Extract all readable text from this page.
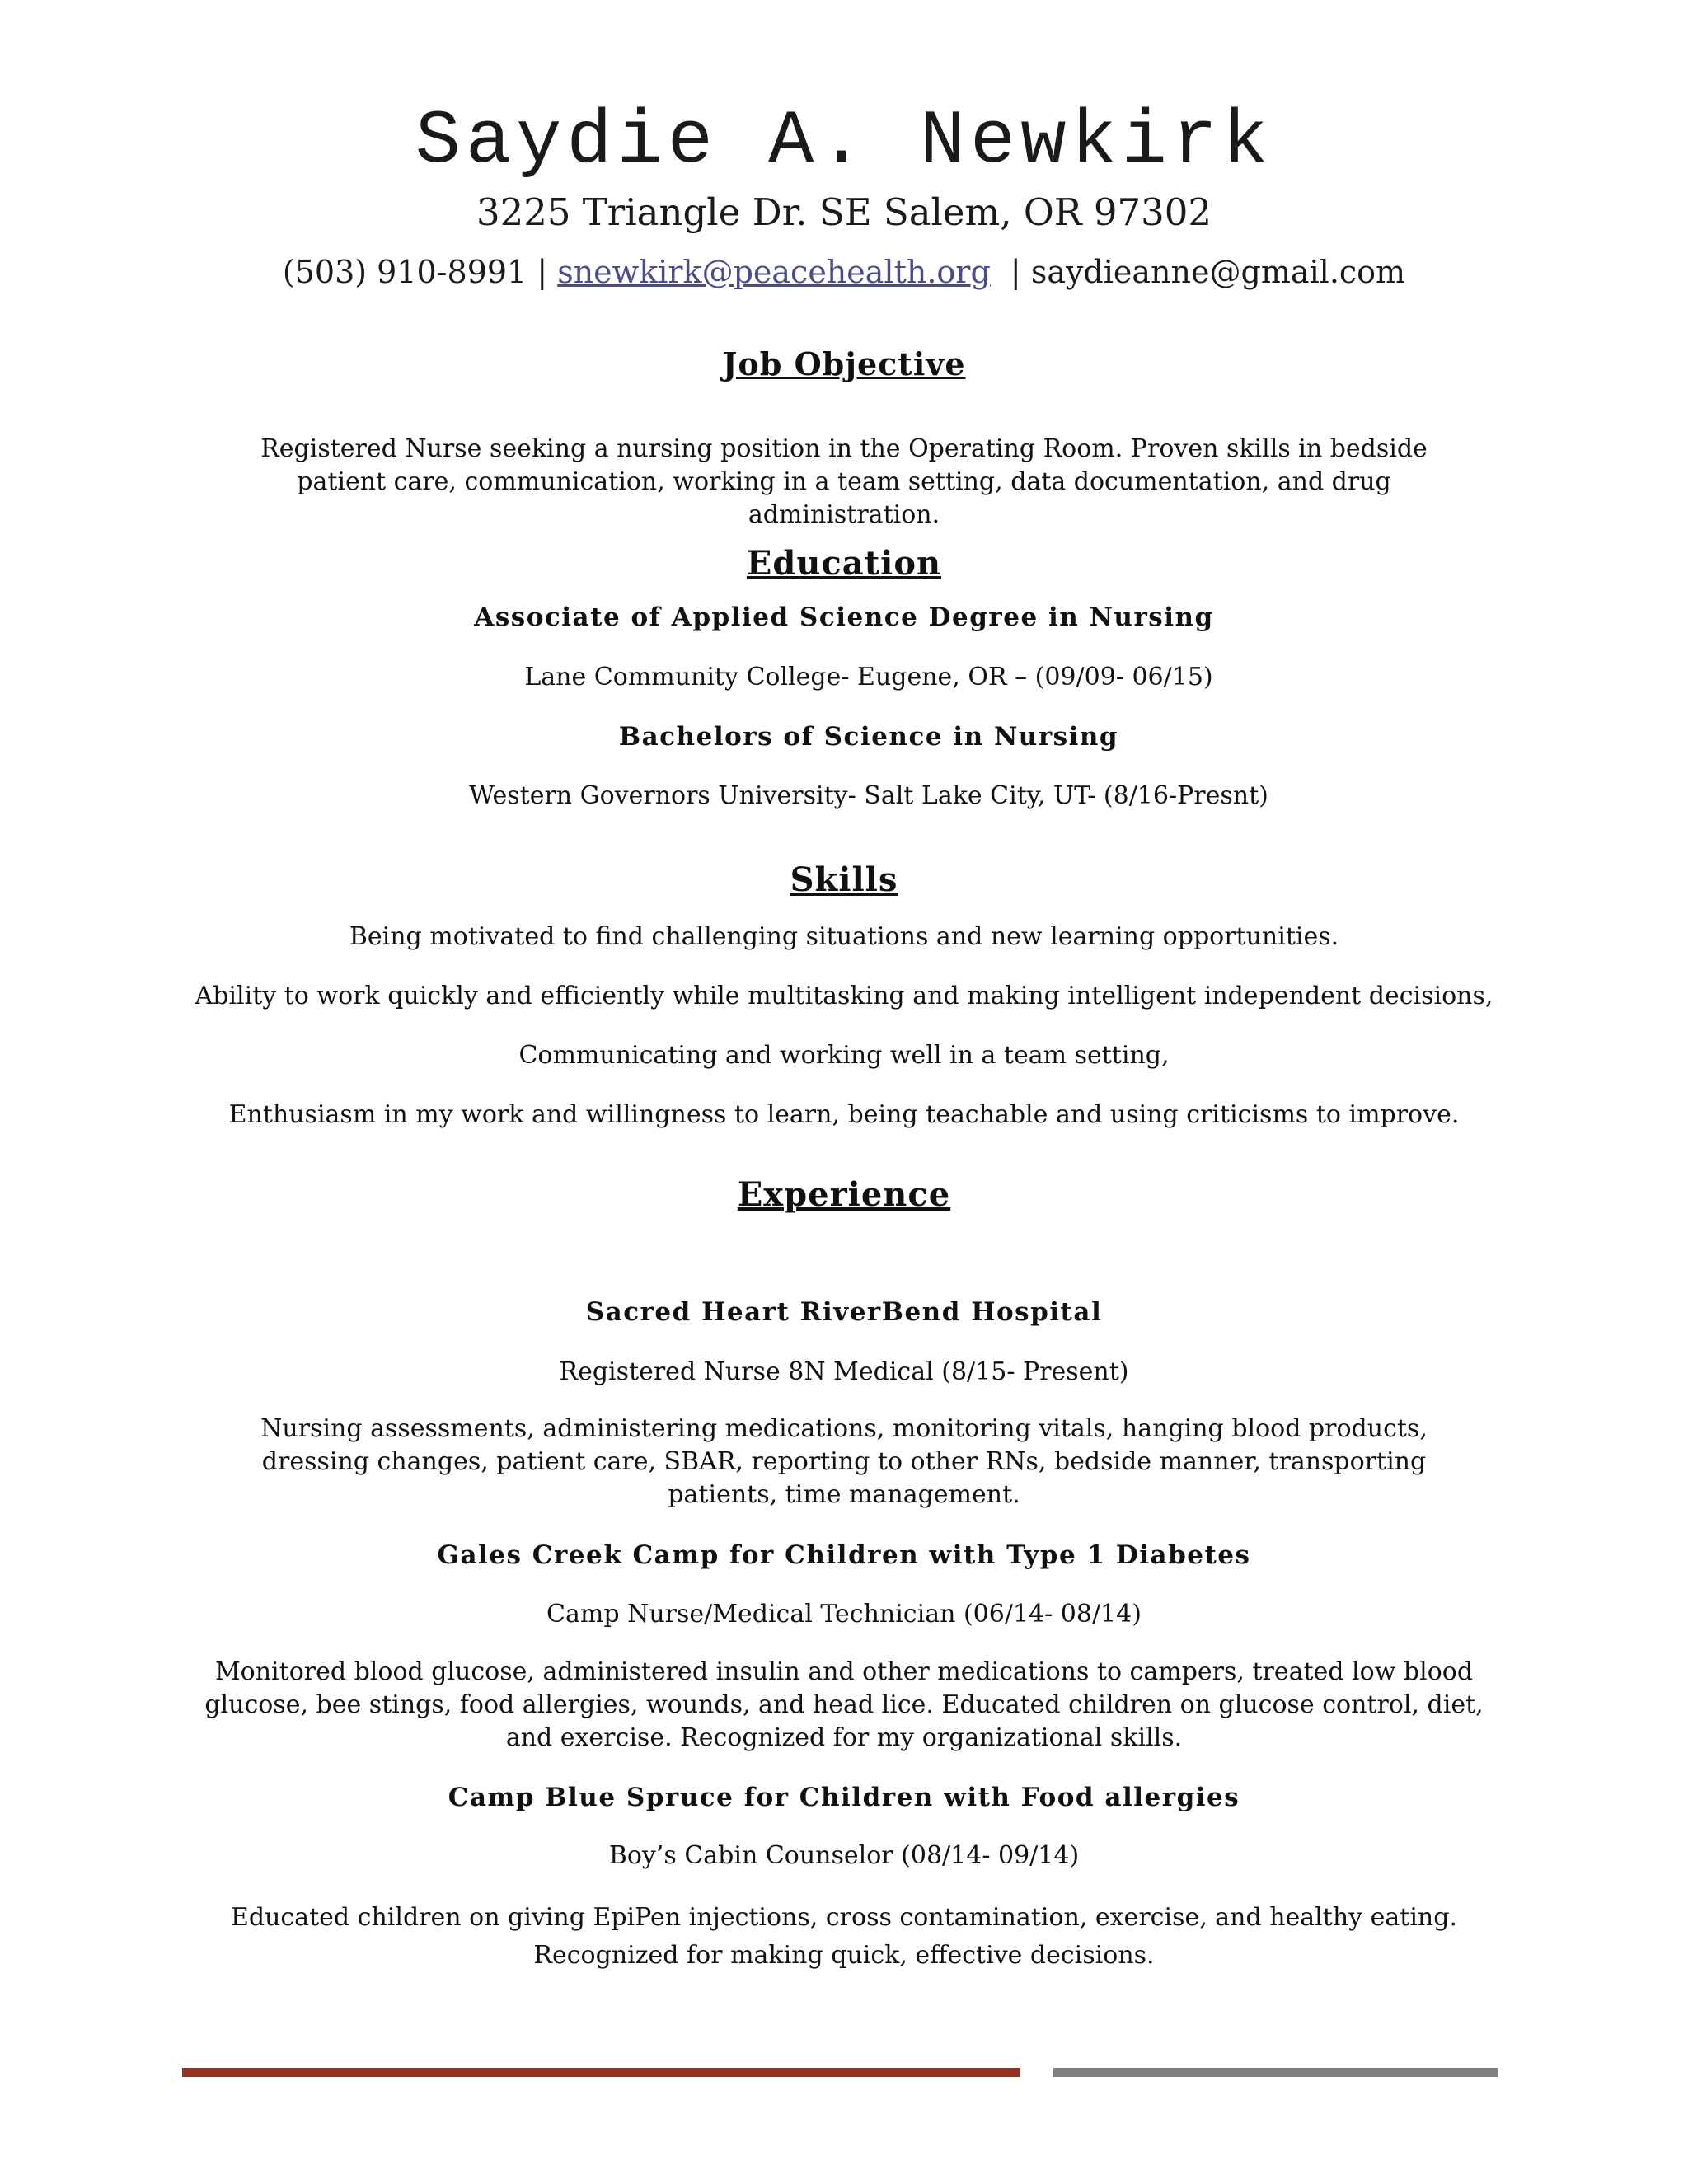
Saydie A. Newkirk
3225 Triangle Dr. SE Salem, OR 97302
(503) 910-8991 | snewkirk@peacehealth.org  | saydieanne@gmail.com
Job Objective
Registered Nurse seeking a nursing position in the Operating Room. Proven skills in bedside patient care, communication, working in a team setting, data documentation, and drug administration.
Education
Associate of Applied Science Degree in Nursing
Lane Community College- Eugene, OR – (09/09- 06/15)
Bachelors of Science in Nursing
Western Governors University- Salt Lake City, UT- (8/16-Presnt)
Skills
Being motivated to find challenging situations and new learning opportunities.
Ability to work quickly and efficiently while multitasking and making intelligent independent decisions,
Communicating and working well in a team setting,
Enthusiasm in my work and willingness to learn, being teachable and using criticisms to improve.
Experience
Sacred Heart RiverBend Hospital
Registered Nurse 8N Medical (8/15- Present)
Nursing assessments, administering medications, monitoring vitals, hanging blood products, dressing changes, patient care, SBAR, reporting to other RNs, bedside manner, transporting patients, time management.
Gales Creek Camp for Children with Type 1 Diabetes
Camp Nurse/Medical Technician (06/14- 08/14)
Monitored blood glucose, administered insulin and other medications to campers, treated low blood glucose, bee stings, food allergies, wounds, and head lice. Educated children on glucose control, diet, and exercise. Recognized for my organizational skills.
Camp Blue Spruce for Children with Food allergies
Boy’s Cabin Counselor (08/14- 09/14)
Educated children on giving EpiPen injections, cross contamination, exercise, and healthy eating. Recognized for making quick, effective decisions.
